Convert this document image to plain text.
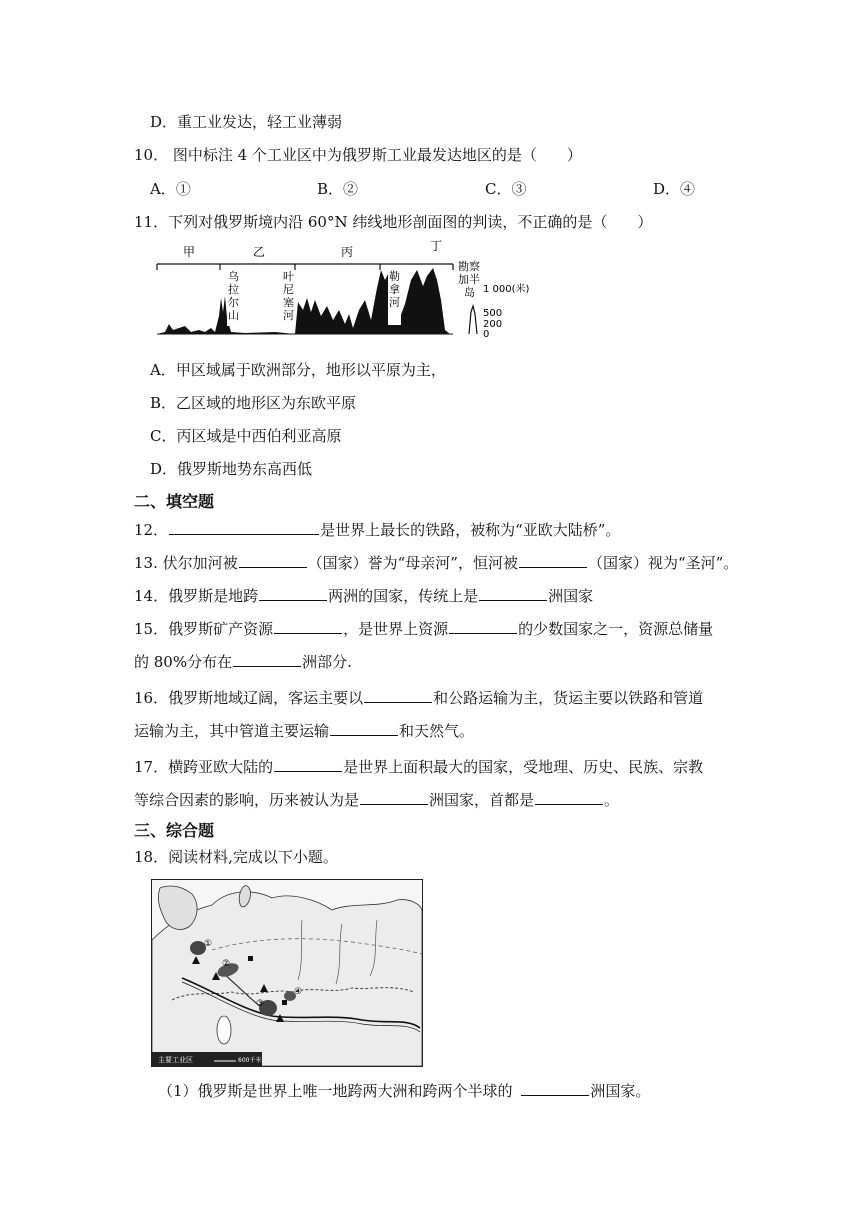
D．重工业发达，轻工业薄弱
10． 图中标注 4 个工业区中为俄罗斯工业最发达地区的是（　　）
A．①	B．②	C．③	D．④
11．下列对俄罗斯境内沿 60°N 纬线地形剖面图的判读，不正确的是（　　）
甲	乙	丙	丁
乌拉尔山
叶尼塞河
勒拿河
勘察加半岛 1 000(米)
500
200
0
A．甲区域属于欧洲部分，地形以平原为主，
B．乙区域的地形区为东欧平原
C．丙区域是中西伯利亚高原
D．俄罗斯地势东高西低
二、填空题
12．	是世界上最长的铁路，被称为“亚欧大陆桥”。
13. 伏尔加河被	（国家）誉为“母亲河”，恒河被	（国家）视为“圣河”。
14．俄罗斯是地跨	两洲的国家，传统上是	洲国家
15．俄罗斯矿产资源	，是世界上资源	的少数国家之一，资源总储量
的 80%分布在	洲部分.
16．俄罗斯地域辽阔，客运主要以	和公路运输为主，货运主要以铁路和管道
运输为主，其中管道主要运输	和天然气。
17．横跨亚欧大陆的	是世界上面积最大的国家，受地理、历史、民族、宗教
等综合因素的影响，历来被认为是	洲国家，首都是	。
三、综合题
18．阅读材料,完成以下小题。
①
②
③
④
主要工业区	600千米
（1）俄罗斯是世界上唯一地跨两大洲和跨两个半球的	洲国家。
